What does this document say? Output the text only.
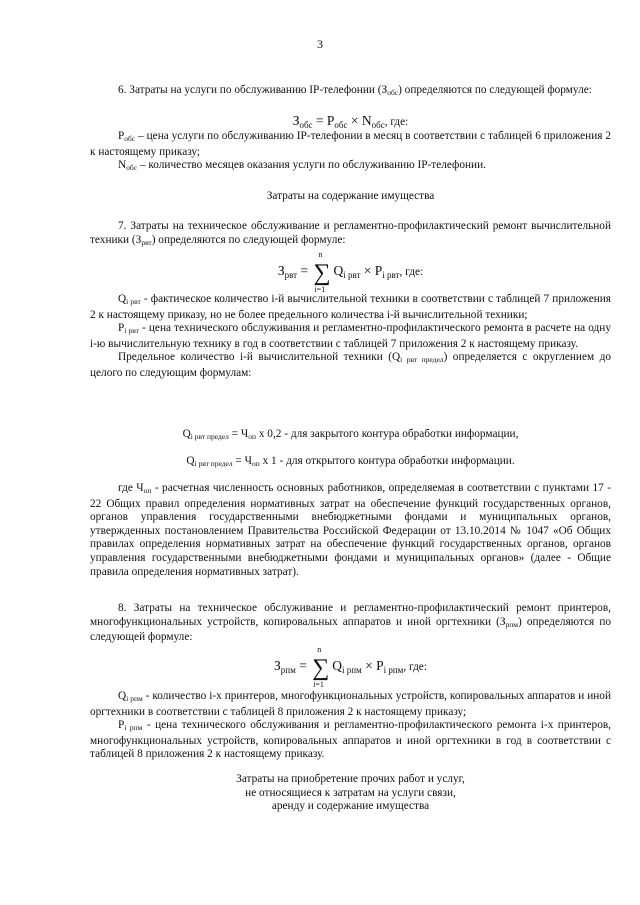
3

6. Затраты на услуги по обслуживанию IP-телефонии $(З_{обс})$ определяются по следующей формуле:

$З_{обс} = P_{обс} \times N_{обс}$, где:

$P_{обс}$ – цена услуги по обслуживанию IP-телефонии в месяц в соответствии с таблицей 6 приложения 2 к настоящему приказу;

$N_{обс}$ – количество месяцев оказания услуги по обслуживанию IP-телефонии.

Затраты на содержание имущества

7. Затраты на техническое обслуживание и регламентно-профилактический ремонт вычислительной техники $(З_{рвт})$ определяются по следующей формуле:

$З_{рвт}$ =
n
∑
i=1
$Q_{i рвт} \times P_{i рвт}$, где:

$Q_{i рвт}$ - фактическое количество i-й вычислительной техники в соответствии с таблицей 7 приложения 2 к настоящему приказу, но не более предельного количества i-й вычислительной техники;

$P_{i рвт}$ - цена технического обслуживания и регламентно-профилактического ремонта в расчете на одну i-ю вычислительную технику в год в соответствии с таблицей 7 приложения 2 к настоящему приказу.

Предельное количество i-й вычислительной техники $(Q_{i рвт предел})$ определяется с округлением до целого по следующим формулам:

$Q_{i рвт предел} = Ч_{оп}$ x 0,2 - для закрытого контура обработки информации,
$Q_{i рвт предел} = Ч_{оп}$ x 1 - для открытого контура обработки информации.

где $Ч_{оп}$ - расчетная численность основных работников, определяемая в соответствии с пунктами 17 - 22 Общих правил определения нормативных затрат на обеспечение функций государственных органов, органов управления государственными внебюджетными фондами и муниципальных органов, утвержденных постановлением Правительства Российской Федерации от 13.10.2014 № 1047 «Об Общих правилах определения нормативных затрат на обеспечение функций государственных органов, органов управления государственными внебюджетными фондами и муниципальных органов» (далее - Общие правила определения нормативных затрат).

8. Затраты на техническое обслуживание и регламентно-профилактический ремонт принтеров, многофункциональных устройств, копировальных аппаратов и иной оргтехники $(З_{рпм})$ определяются по следующей формуле:

$З_{рпм}$ =
n
∑
i=1
$Q_{i рпм} \times P_{i рпм}$, где:

$Q_{i рпм}$ - количество i-х принтеров, многофункциональных устройств, копировальных аппаратов и иной оргтехники в соответствии с таблицей 8 приложения 2 к настоящему приказу;

$P_{i рпм}$ - цена технического обслуживания и регламентно-профилактического ремонта i-х принтеров, многофункциональных устройств, копировальных аппаратов и иной оргтехники в год в соответствии с таблицей 8 приложения 2 к настоящему приказу.

Затраты на приобретение прочих работ и услуг,
не относящиеся к затратам на услуги связи,
аренду и содержание имущества
